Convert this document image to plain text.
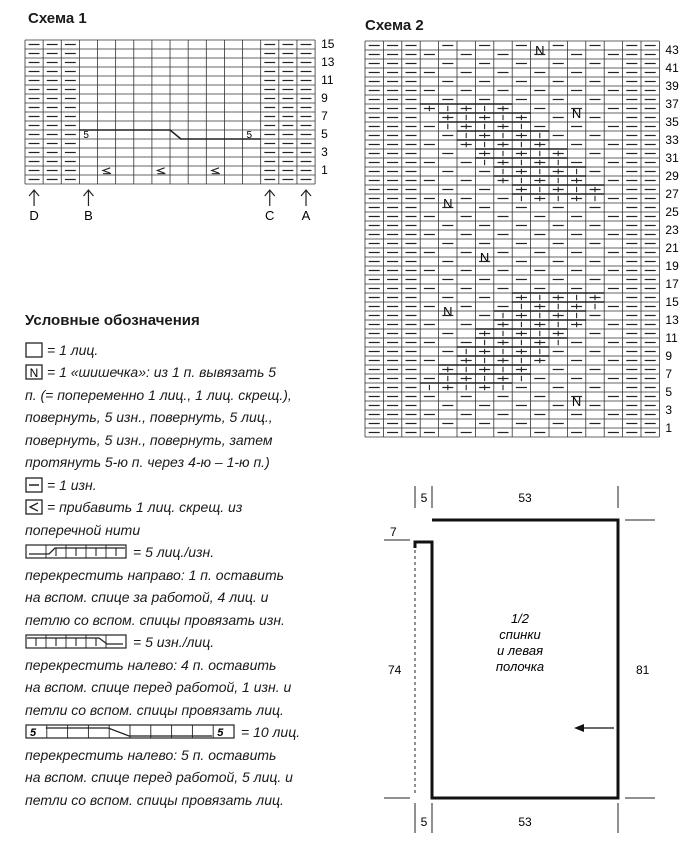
Схема 1
15
13
11
9
7
5
3
1
5	5
D	B	C A
Схема 2
N
N
N
N
N
N
43
41
39
37
35
33
31
29
27
25
23
21
19
17
15
13
11
9
7
5
3
1
Условные обозначения
= 1 лиц.
N = 1 «шишечка»: из 1 п. вывязать 5
п. (= попеременно 1 лиц., 1 лиц. скрещ.),
повернуть, 5 изн., повернуть, 5 лиц.,
повернуть, 5 изн., повернуть, затем
протянуть 5-ю п. через 4-ю – 1-ю п.)
= 1 изн.
= прибавить 1 лиц. скрещ. из
поперечной нити
= 5 лиц./изн.
перекрестить направо: 1 п. оставить
на вспом. спице за работой, 4 лиц. и
петлю со вспом. спицы провязать изн.
= 5 изн./лиц.
перекрестить налево: 4 п. оставить
на вспом. спице перед работой, 1 изн. и
петли со вспом. спицы провязать лиц.
5	5 = 10 лиц.
перекрестить налево: 5 п. оставить
на вспом. спице перед работой, 5 лиц. и
петли со вспом. спицы провязать лиц.
5	53
5	53
7
74	81
1/2
спинки
и левая
полочка
